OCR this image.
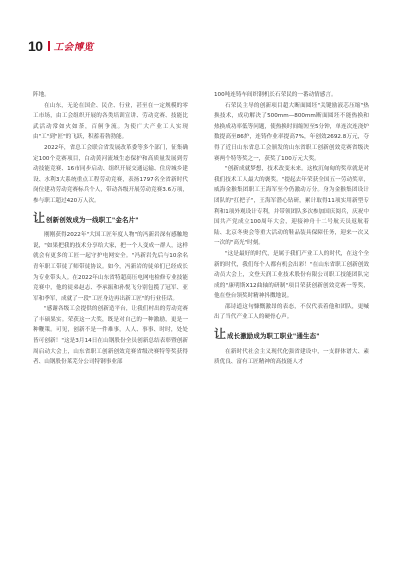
10 工会博览

阵地。

在山东，无论在国企、民企、行业，甚至在一定规模的零工市场，由工会组织开展的各类培训宣讲、劳动竞赛、技能比武活动常如火如荼，百舸争流。为使广大产业工人实现由"工"到"匠"的飞跃，积蓄着勃勃能。

2022年，省总工会联合省发展改革委等多个部门，征集确定100个竞赛项目，白动黄河流域生态保护和高质量发展到劳动技能竞赛、16市同步启动、组织开展交通运输、住房城乡建设、水利3大系统重点工程劳动竞赛，表扬1797名全省新时代岗位建功劳动竞赛标兵个人，带动各级开展劳动竞赛3.6万项，参与职工超过420万人次。

让 创新创效成为一线职工"金名片"

刚刚获得2022年"大国工匠年度人物"的冯新岩深有感触地说，"如果把我的技术分享给大家，把一个人变成一群人，这样就会有更多的工匠一起守护电网安全。"冯新岩先后与10余名青年职工带徒了师带徒协议。如今，冯新岩的徒弟们已经成长为专业带头人。在2022年山东省特超高压电网电检修专业技能竞赛中，他的徒弟赵志、李承振和孙悦飞分别包揽了冠军、亚军和季军，成就了一段"工匠身边再出新工匠"的行业佳话。

"感谢各级工会提供的创新造平台，让我们村出的劳动竞赛了丰硕果实。荣获这一大奖，既是对自己的一种激励，更是一种鞭策。可见，创新不是一件难事，人人、事事、时时，处处皆可创新！"这是3月14日在山钢股份全员创新总结表彰暨创新周启动大会上，山东省职工创新创效竞赛省级决赛特等奖获得者、山钢股份莱芜分公司特钢事业部

100吨连铸车间织钢机长石荣民的一番动情感言。

石荣民主导的创新项目超大断面圆坯"关键励液芯压缩"热换技术，成功解决了500mm—800mm断面圆坯不能热换和热换成功率低等问题，使热换时间缩短至5分钟，单连次连浇炉数提高至86炉，连铸作业率提高7%，年创效2692.8万元，夺得了近日山东省总工会颁发的山东省职工创新创效竞赛省级决赛两个特等奖之一，获奖了100万元大奖。

"创新成就梦想，技术改变未来。这枚沉甸甸的奖章就是对我们技术工人最大的褒奖。"提起去年荣获全国五一劳动奖章，威海金猴集团职工王海军至今仍激动万分。身为金猴集团设计团队的"扛把子"，王海军潜心钻研，累计取得11项实用新型专利和1项外观设计专利，并带领团队多次参加国庆阅兵，庆祝中国共产党成立100周年大会，迎接神舟十二号航天员返航着陆、北京冬奥会等重大活动的鞋品装具保障任务，迎来一次又一次的"高光"时刻。

"这是最好的时代，是属于我们产业工人的时代，在这个全新的时代，我们每个人都有机会出彩！"在山东省职工创新创效动员大会上，文登天润工业技术股份有限公司职工技能团队完成的"康明斯X12曲轴的研制"项目荣获创新创效竞赛一等奖，他在登台领奖时精神抖擞地说。

邵诗道这句慷慨激昂的表态，不仅代表着他和团队，更喊出了当代产业工人的硬骨心声。

让 成长激励成为职工职业"通生态"

在新时代社会主义现代化强省建设中，一支群体谱大、素质优良、富有工匠精神的高技能人才
